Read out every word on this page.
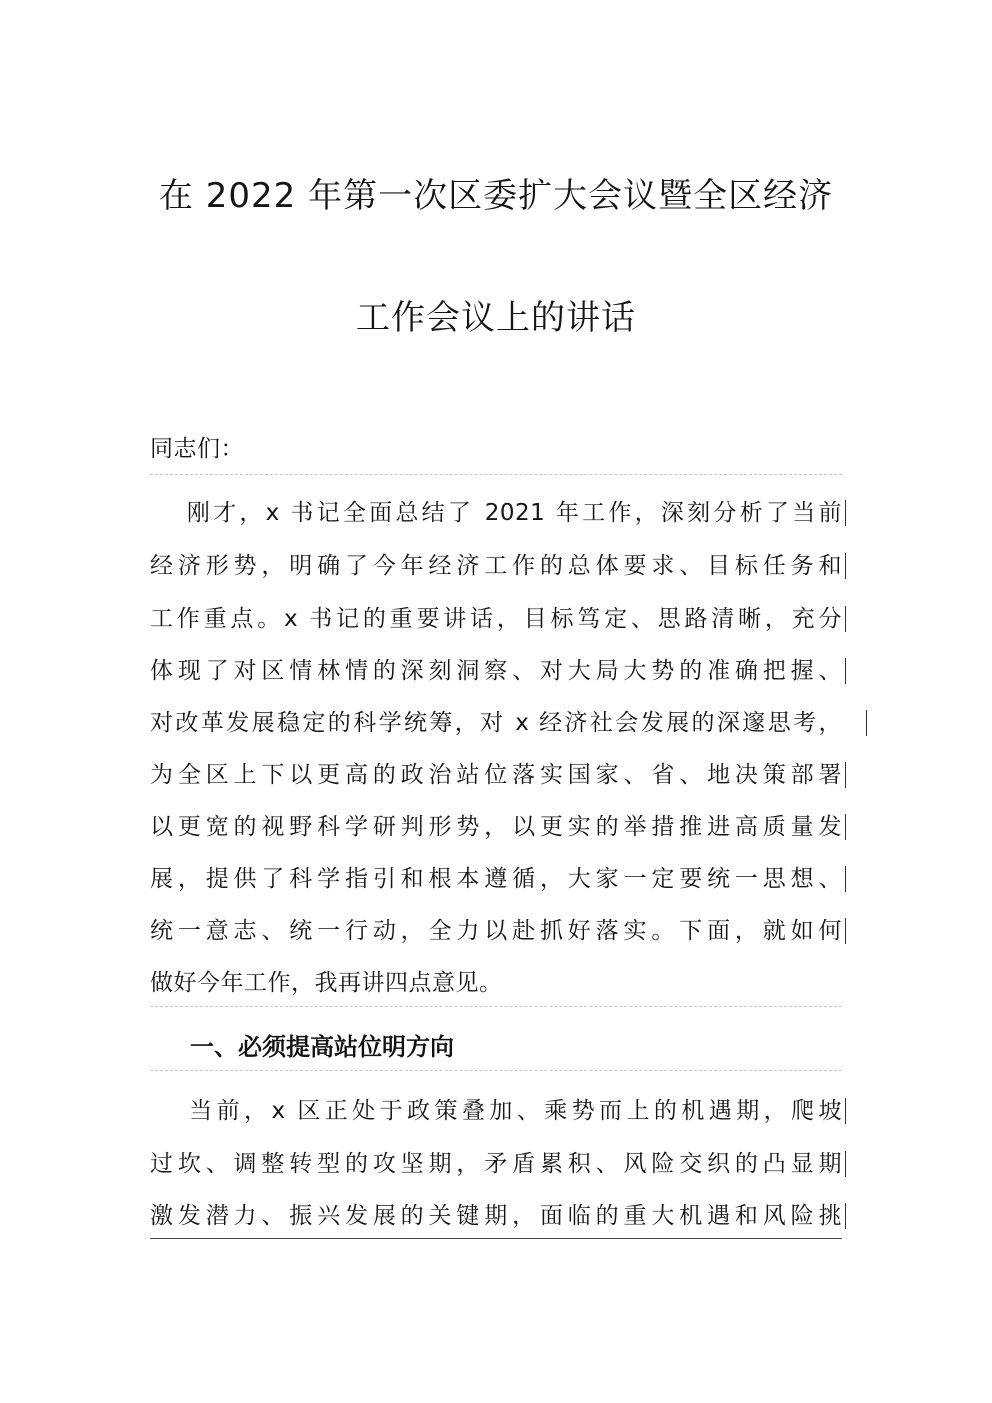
在 2022 年第一次区委扩大会议暨全区经济
工作会议上的讲话
同志们：
　 刚才，x 书记全面总结了 2021 年工作，深刻分析了当前
经济形势，明确了今年经济工作的总体要求、目标任务和
工作重点。x 书记的重要讲话，目标笃定、思路清晰，充分
体现了对区情林情的深刻洞察、对大局大势的准确把握、
对改革发展稳定的科学统筹，对 x 经济社会发展的深邃思考，
为全区上下以更高的政治站位落实国家、省、地决策部署
以更宽的视野科学研判形势，以更实的举措推进高质量发
展，提供了科学指引和根本遵循，大家一定要统一思想、
统一意志、统一行动，全力以赴抓好落实。下面，就如何
做好今年工作，我再讲四点意见。
一、必须提高站位明方向
　 当前，x 区正处于政策叠加、乘势而上的机遇期，爬坡
过坎、调整转型的攻坚期，矛盾累积、风险交织的凸显期
激发潜力、振兴发展的关键期，面临的重大机遇和风险挑
